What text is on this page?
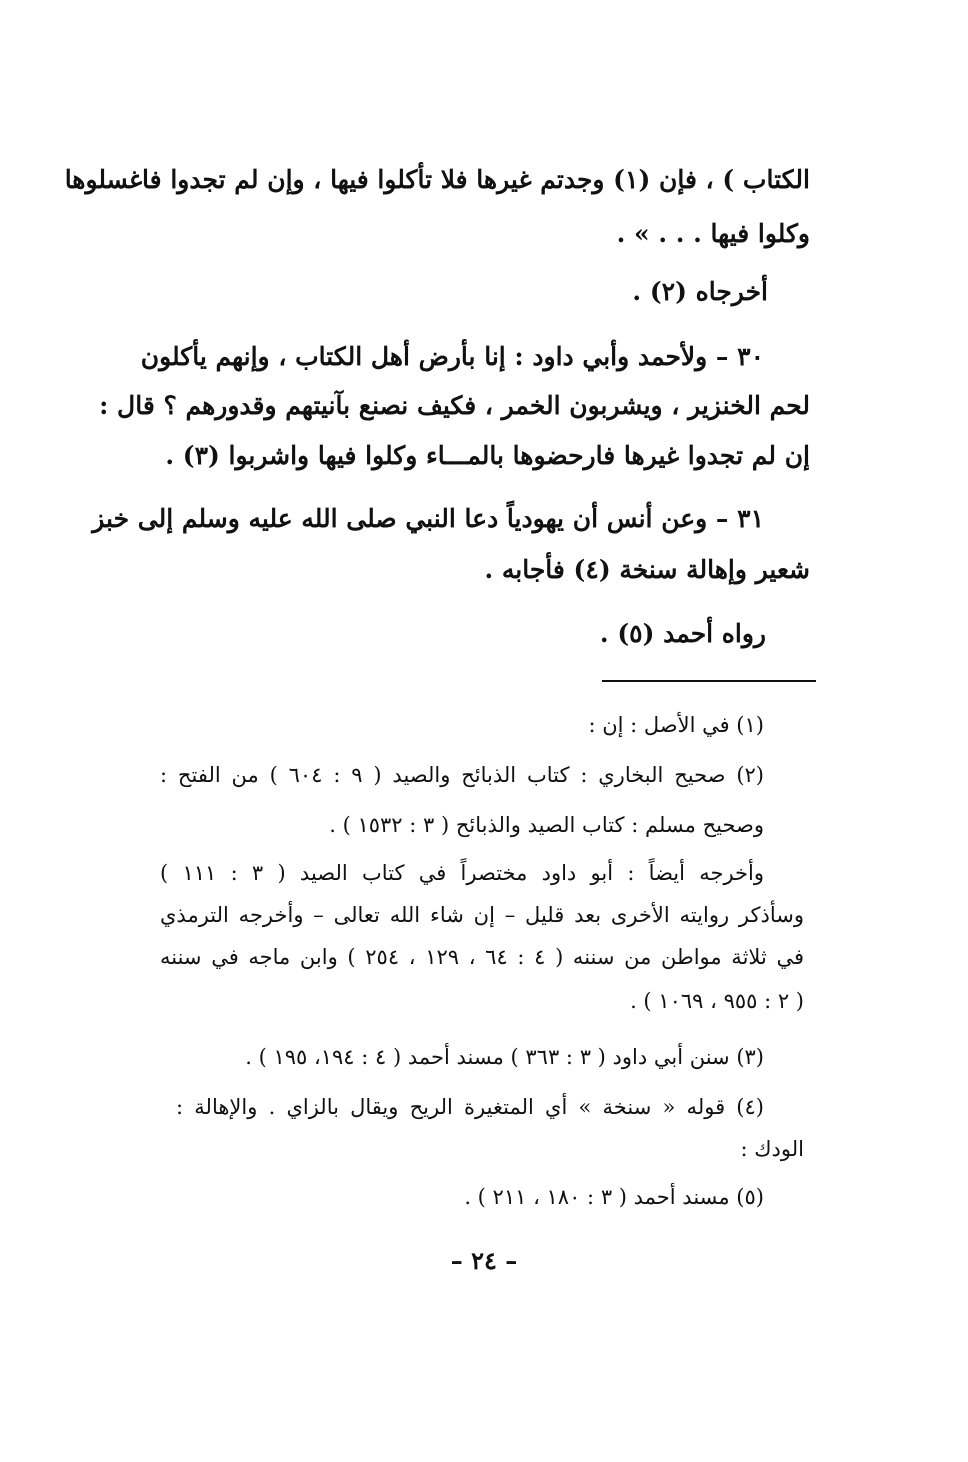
الكتاب ) ، فإن (١) وجدتم غيرها فلا تأكلوا فيها ، وإن لم تجدوا فاغسلوها

وكلوا فيها . . . » .

أخرجاه (٢) .

٣٠ – ولأحمد وأبي داود : إنا بأرض أهل الكتاب ، وإنهم يأكلون

لحم الخنزير ، ويشربون الخمر ، فكيف نصنع بآنيتهم وقدورهم ؟ قال :

إن لم تجدوا غيرها فارحضوها بالمـــاء وكلوا فيها واشربوا (٣) .

٣١ – وعن أنس أن يهودياً دعا النبي صلى الله عليه وسلم إلى خبز

شعير وإهالة سنخة (٤) فأجابه .

رواه أحمد (٥) .

(١) في الأصل : إن :

(٢) صحيح البخاري : كتاب الذبائح والصيد ( ٩ : ٦٠٤ ) من الفتح :

وصحيح مسلم : كتاب الصيد والذبائح ( ٣ : ١٥٣٢ ) .

وأخرجه أيضاً : أبو داود مختصراً في كتاب الصيد ( ٣ : ١١١ )

وسأذكر روايته الأخرى بعد قليل – إن شاء الله تعالى – وأخرجه الترمذي

في ثلاثة مواطن من سننه ( ٤ : ٦٤ ، ١٢٩ ، ٢٥٤ ) وابن ماجه في سننه

( ٢ : ٩٥٥ ، ١٠٦٩ ) .

(٣) سنن أبي داود ( ٣ : ٣٦٣ ) مسند أحمد ( ٤ : ١٩٤، ١٩٥ ) .

(٤) قوله « سنخة » أي المتغيرة الريح ويقال بالزاي . والإهالة :

الودك :

(٥) مسند أحمد ( ٣ : ١٨٠ ، ٢١١ ) .

– ٢٤ –
